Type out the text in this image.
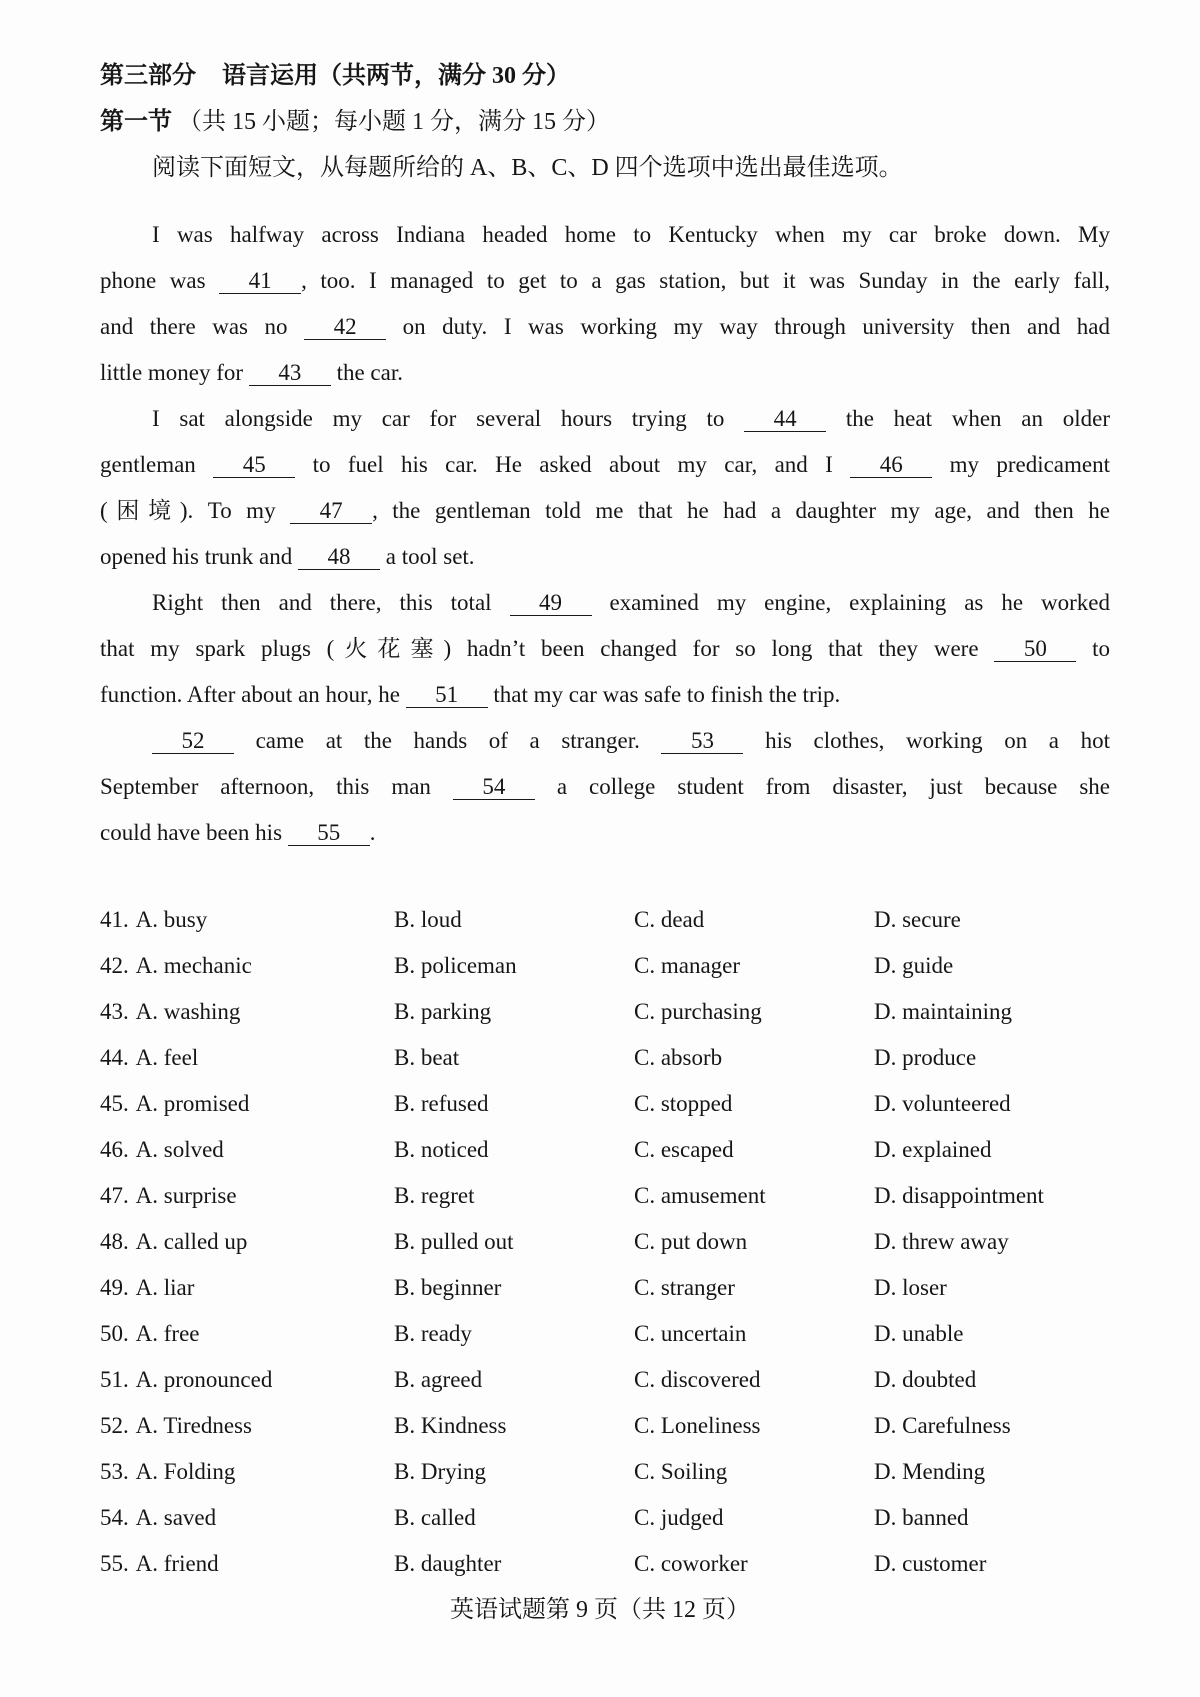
第三部分 语言运用（共两节，满分 30 分）
第一节 （共 15 小题；每小题 1 分，满分 15 分）
阅读下面短文，从每题所给的 A、B、C、D 四个选项中选出最佳选项。
I was halfway across Indiana headed home to Kentucky when my car broke down. My
phone was 41 , too. I managed to get to a gas station, but it was Sunday in the early fall,
and there was no 42 on duty. I was working my way through university then and had
little money for 43 the car.
I sat alongside my car for several hours trying to 44 the heat when an older
gentleman 45 to fuel his car. He asked about my car, and I 46 my predicament
(困境). To my 47 , the gentleman told me that he had a daughter my age, and then he
opened his trunk and 48 a tool set.
Right then and there, this total 49 examined my engine, explaining as he worked
that my spark plugs (火花塞) hadn’t been changed for so long that they were 50 to
function. After about an hour, he 51 that my car was safe to finish the trip.
52 came at the hands of a stranger. 53 his clothes, working on a hot
September afternoon, this man 54 a college student from disaster, just because she
could have been his 55 .
41. A. busy	B. loud	C. dead	D. secure
42. A. mechanic	B. policeman	C. manager	D. guide
43. A. washing	B. parking	C. purchasing	D. maintaining
44. A. feel	B. beat	C. absorb	D. produce
45. A. promised	B. refused	C. stopped	D. volunteered
46. A. solved	B. noticed	C. escaped	D. explained
47. A. surprise	B. regret	C. amusement	D. disappointment
48. A. called up	B. pulled out	C. put down	D. threw away
49. A. liar	B. beginner	C. stranger	D. loser
50. A. free	B. ready	C. uncertain	D. unable
51. A. pronounced	B. agreed	C. discovered	D. doubted
52. A. Tiredness	B. Kindness	C. Loneliness	D. Carefulness
53. A. Folding	B. Drying	C. Soiling	D. Mending
54. A. saved	B. called	C. judged	D. banned
55. A. friend	B. daughter	C. coworker	D. customer
英语试题第 9 页（共 12 页）
